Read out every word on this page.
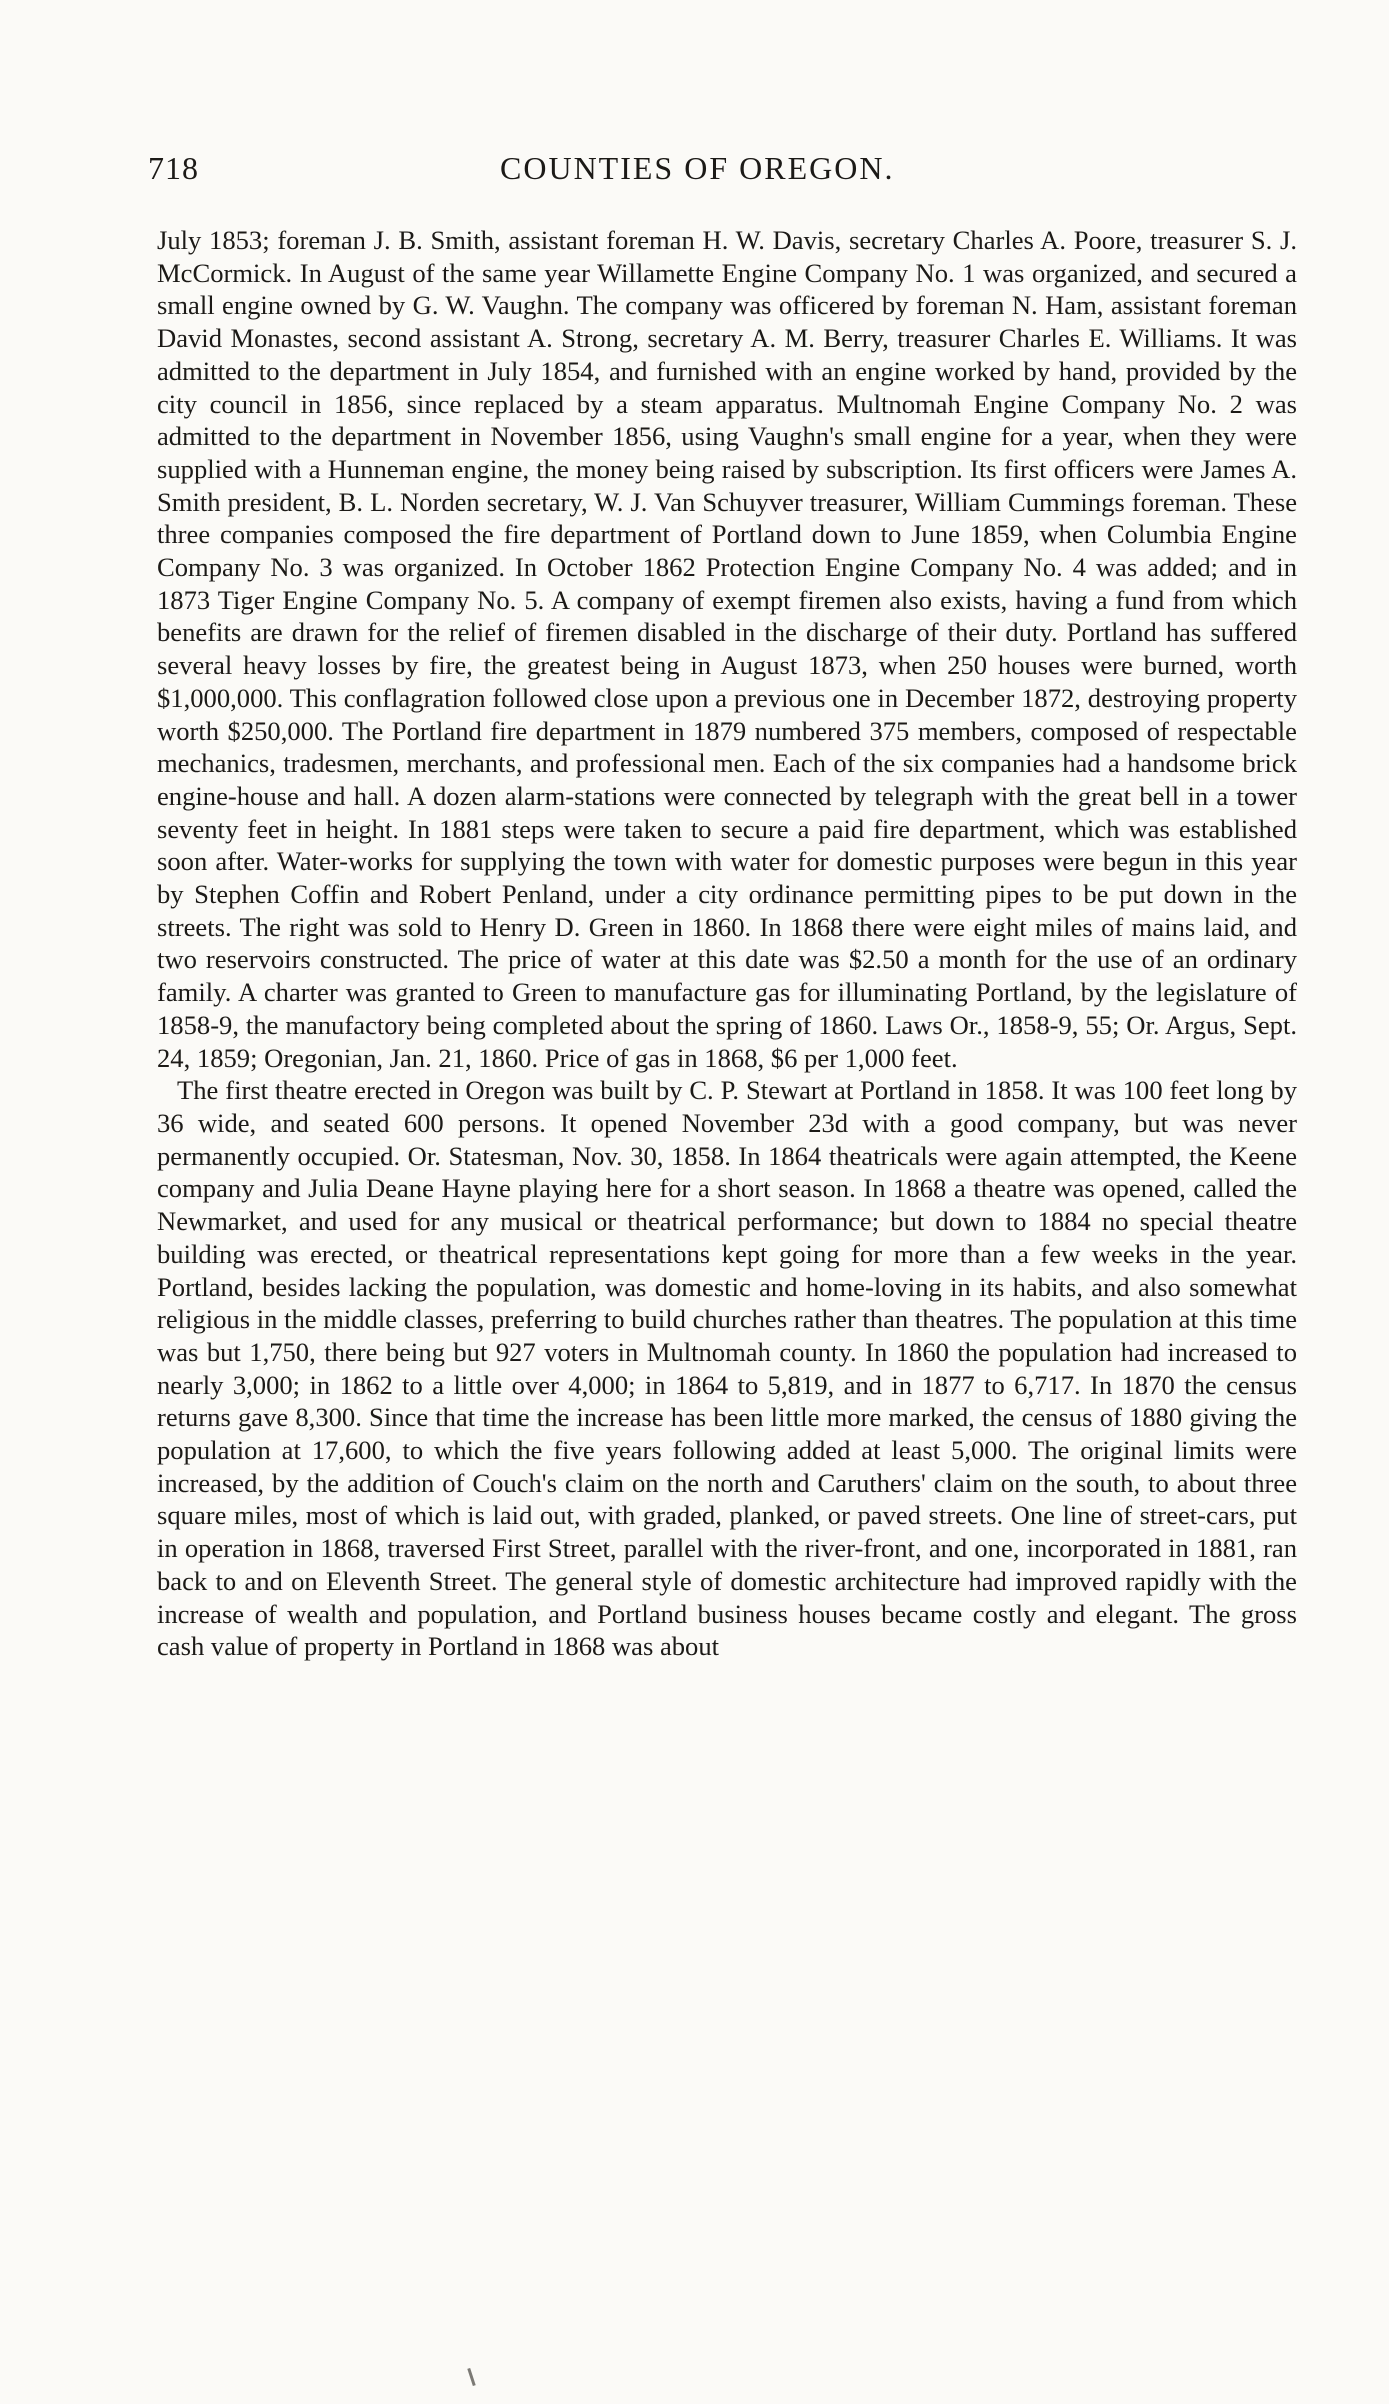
718	COUNTIES OF OREGON.

July 1853; foreman J. B. Smith, assistant foreman H. W. Davis, secretary Charles A. Poore, treasurer S. J. McCormick. In August of the same year Willamette Engine Company No. 1 was organized, and secured a small engine owned by G. W. Vaughn. The company was officered by foreman N. Ham, assistant foreman David Monastes, second assistant A. Strong, secretary A. M. Berry, treasurer Charles E. Williams. It was admitted to the department in July 1854, and furnished with an engine worked by hand, provided by the city council in 1856, since replaced by a steam apparatus. Multnomah Engine Company No. 2 was admitted to the department in November 1856, using Vaughn's small engine for a year, when they were supplied with a Hunneman engine, the money being raised by subscription. Its first officers were James A. Smith president, B. L. Norden secretary, W. J. Van Schuyver treasurer, William Cummings foreman. These three companies composed the fire department of Portland down to June 1859, when Columbia Engine Company No. 3 was organized. In October 1862 Protection Engine Company No. 4 was added; and in 1873 Tiger Engine Company No. 5. A company of exempt firemen also exists, having a fund from which benefits are drawn for the relief of firemen disabled in the discharge of their duty. Portland has suffered several heavy losses by fire, the greatest being in August 1873, when 250 houses were burned, worth $1,000,000. This conflagration followed close upon a previous one in December 1872, destroying property worth $250,000. The Portland fire department in 1879 numbered 375 members, composed of respectable mechanics, tradesmen, merchants, and professional men. Each of the six companies had a handsome brick engine-house and hall. A dozen alarm-stations were connected by telegraph with the great bell in a tower seventy feet in height. In 1881 steps were taken to secure a paid fire department, which was established soon after. Water-works for supplying the town with water for domestic purposes were begun in this year by Stephen Coffin and Robert Penland, under a city ordinance permitting pipes to be put down in the streets. The right was sold to Henry D. Green in 1860. In 1868 there were eight miles of mains laid, and two reservoirs constructed. The price of water at this date was $2.50 a month for the use of an ordinary family. A charter was granted to Green to manufacture gas for illuminating Portland, by the legislature of 1858-9, the manufactory being completed about the spring of 1860. Laws Or., 1858-9, 55; Or. Argus, Sept. 24, 1859; Oregonian, Jan. 21, 1860. Price of gas in 1868, $6 per 1,000 feet.

The first theatre erected in Oregon was built by C. P. Stewart at Portland in 1858. It was 100 feet long by 36 wide, and seated 600 persons. It opened November 23d with a good company, but was never permanently occupied. Or. Statesman, Nov. 30, 1858. In 1864 theatricals were again attempted, the Keene company and Julia Deane Hayne playing here for a short season. In 1868 a theatre was opened, called the Newmarket, and used for any musical or theatrical performance; but down to 1884 no special theatre building was erected, or theatrical representations kept going for more than a few weeks in the year. Portland, besides lacking the population, was domestic and home-loving in its habits, and also somewhat religious in the middle classes, preferring to build churches rather than theatres. The population at this time was but 1,750, there being but 927 voters in Multnomah county. In 1860 the population had increased to nearly 3,000; in 1862 to a little over 4,000; in 1864 to 5,819, and in 1877 to 6,717. In 1870 the census returns gave 8,300. Since that time the increase has been little more marked, the census of 1880 giving the population at 17,600, to which the five years following added at least 5,000. The original limits were increased, by the addition of Couch's claim on the north and Caruthers' claim on the south, to about three square miles, most of which is laid out, with graded, planked, or paved streets. One line of street-cars, put in operation in 1868, traversed First Street, parallel with the river-front, and one, incorporated in 1881, ran back to and on Eleventh Street. The general style of domestic architecture had improved rapidly with the increase of wealth and population, and Portland business houses became costly and elegant. The gross cash value of property in Portland in 1868 was about
